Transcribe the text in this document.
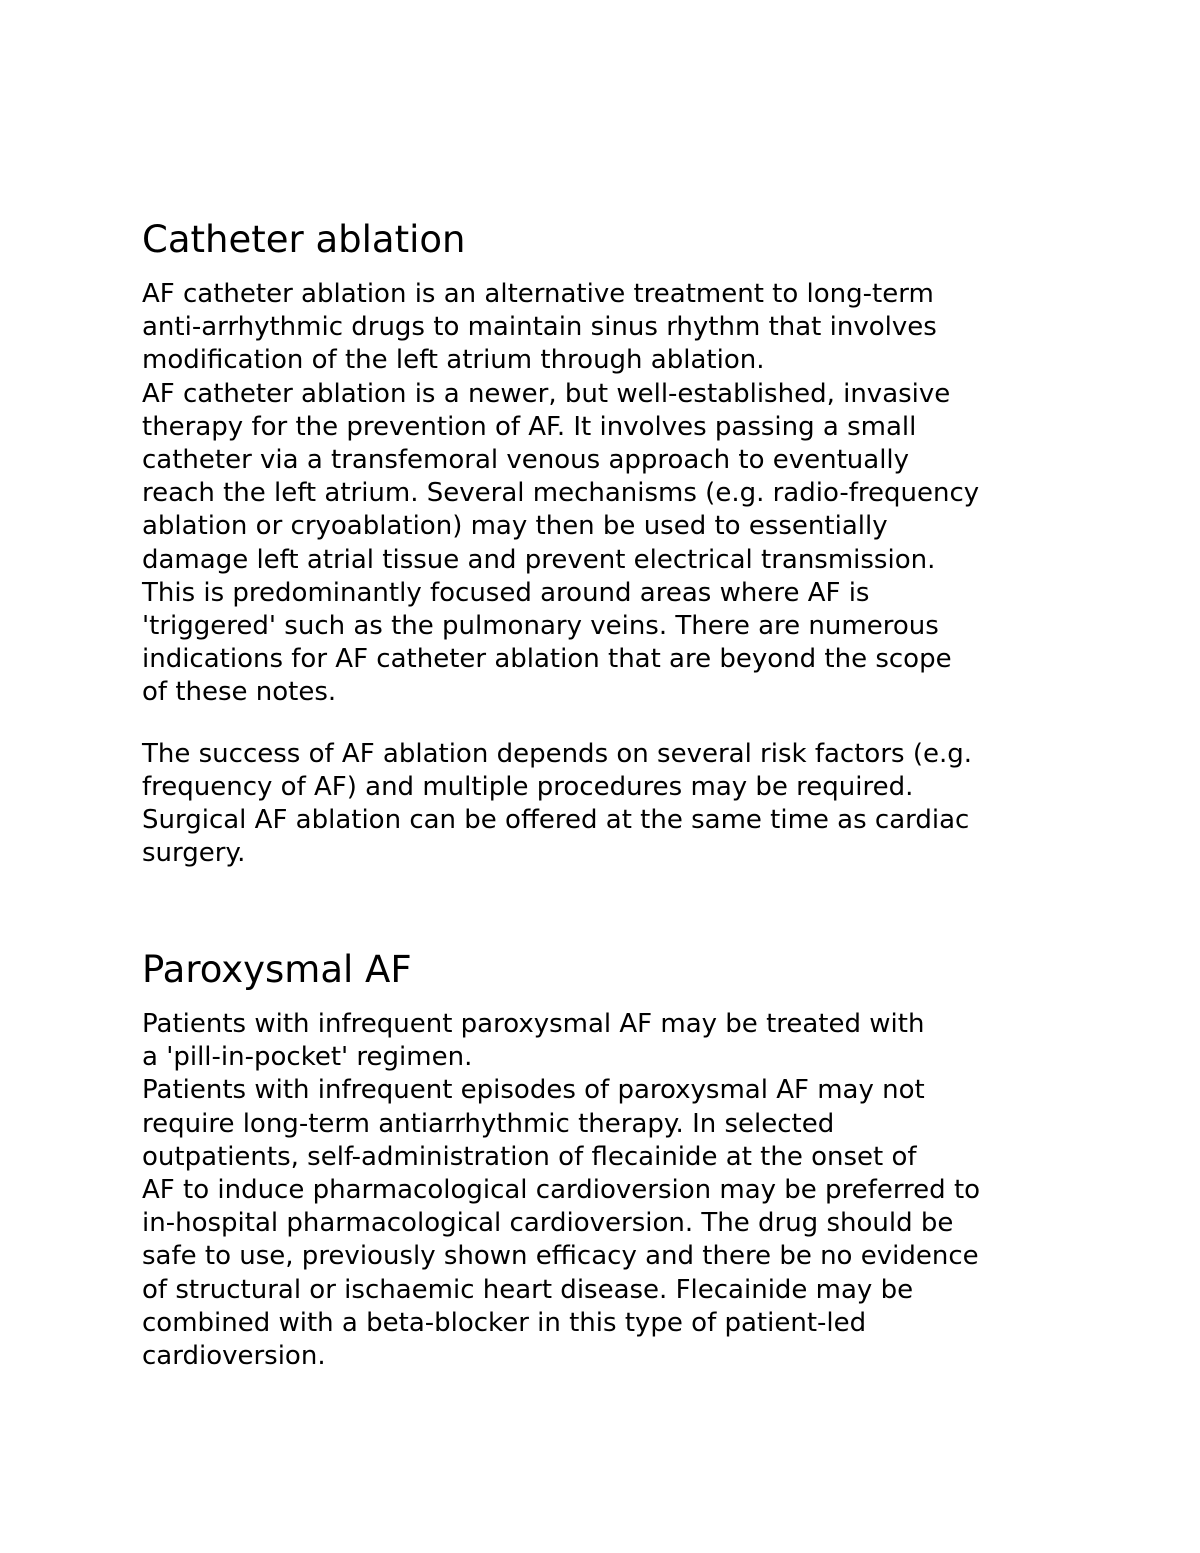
Catheter ablation
AF catheter ablation is an alternative treatment to long-term
anti-arrhythmic drugs to maintain sinus rhythm that involves
modification of the left atrium through ablation.
AF catheter ablation is a newer, but well-established, invasive
therapy for the prevention of AF. It involves passing a small
catheter via a transfemoral venous approach to eventually
reach the left atrium. Several mechanisms (e.g. radio-frequency
ablation or cryoablation) may then be used to essentially
damage left atrial tissue and prevent electrical transmission.
This is predominantly focused around areas where AF is
'triggered' such as the pulmonary veins. There are numerous
indications for AF catheter ablation that are beyond the scope
of these notes.
The success of AF ablation depends on several risk factors (e.g.
frequency of AF) and multiple procedures may be required.
Surgical AF ablation can be offered at the same time as cardiac
surgery.
Paroxysmal AF
Patients with infrequent paroxysmal AF may be treated with
a 'pill-in-pocket' regimen.
Patients with infrequent episodes of paroxysmal AF may not
require long-term antiarrhythmic therapy. In selected
outpatients, self-administration of flecainide at the onset of
AF to induce pharmacological cardioversion may be preferred to
in-hospital pharmacological cardioversion. The drug should be
safe to use, previously shown efficacy and there be no evidence
of structural or ischaemic heart disease. Flecainide may be
combined with a beta-blocker in this type of patient-led
cardioversion.
